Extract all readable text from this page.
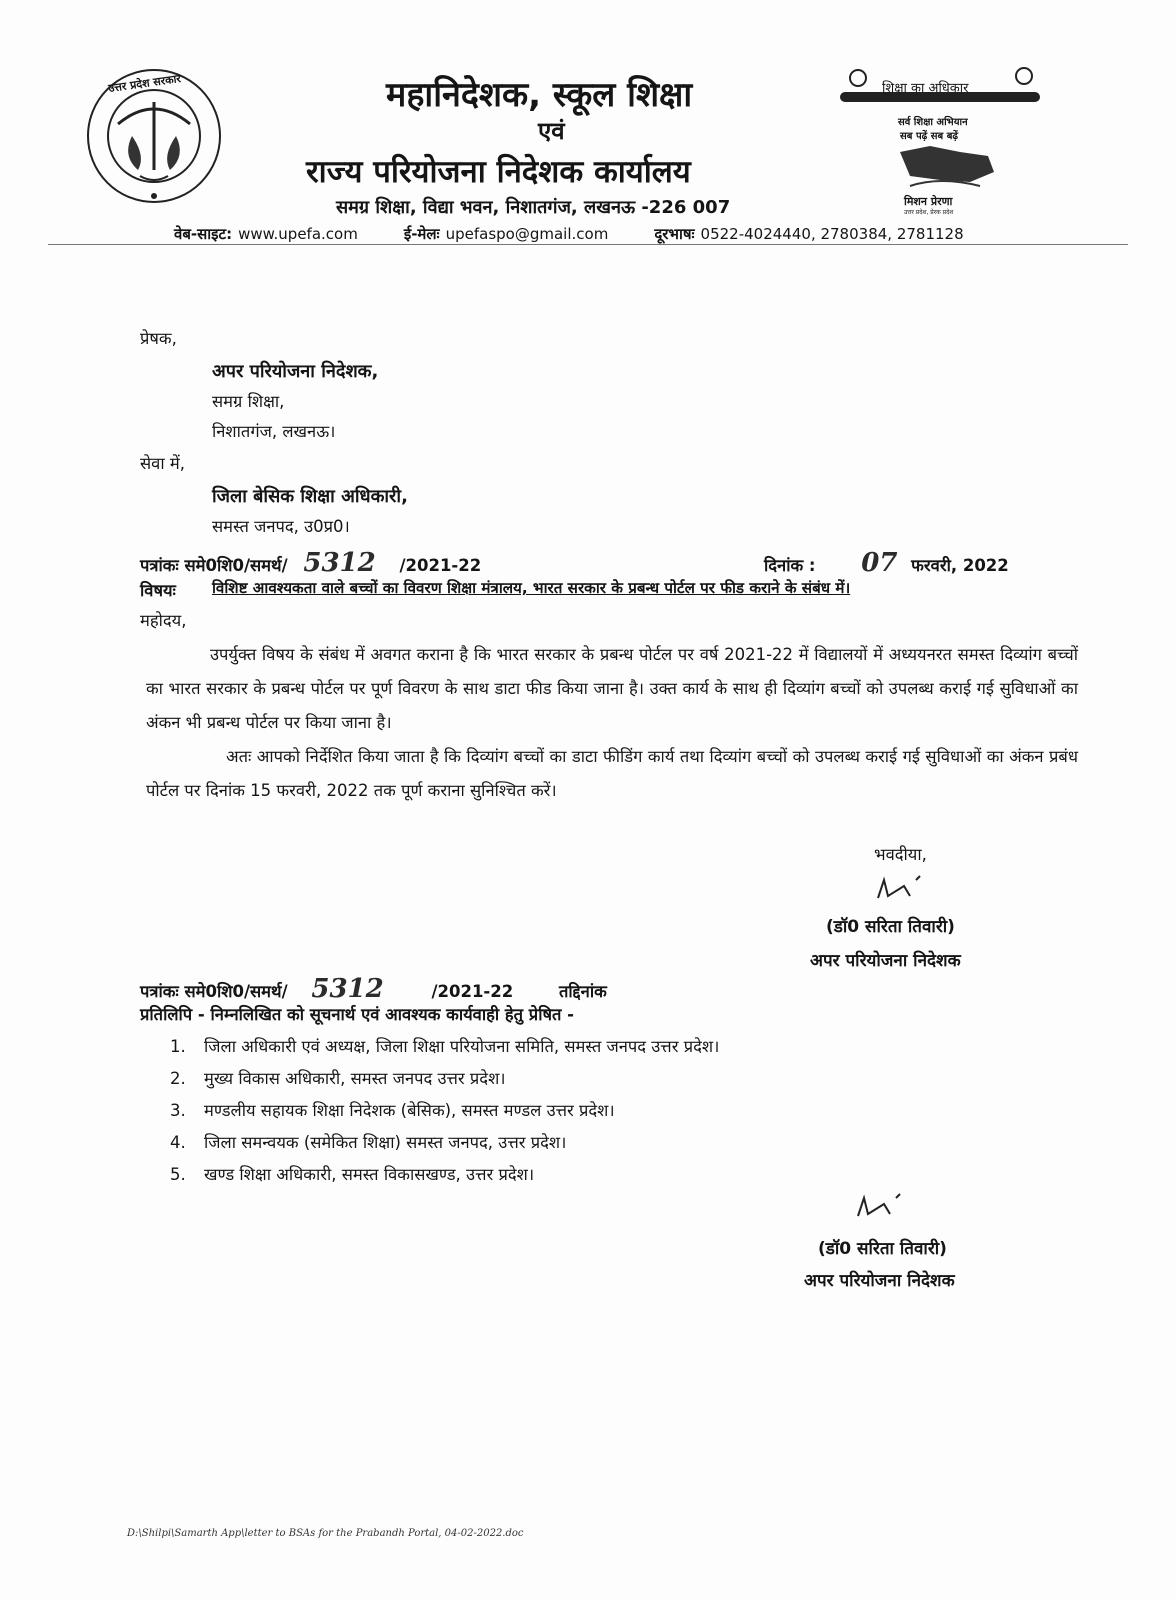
उत्तर प्रदेश सरकार	महानिदेशक, स्कूल शिक्षा
एवं
राज्य परियोजना निदेशक कार्यालय
समग्र शिक्षा, विद्या भवन, निशातगंज, लखनऊ -226 007
शिक्षा का अधिकार
सर्व शिक्षा अभियान
सब पढ़ें सब बढ़ें
मिशन प्रेरणा
उत्तर प्रदेश, प्रेरक प्रदेश
वेब-साइट: www.upefa.com	ई-मेलः upefaspo@gmail.com	दूरभाषः 0522-4024440, 2780384, 2781128
प्रेषक,
अपर परियोजना निदेशक,
समग्र शिक्षा,
निशातगंज, लखनऊ।
सेवा में,
जिला बेसिक शिक्षा अधिकारी,
समस्त जनपद, उ0प्र0।
पत्रांकः समे0शि0/समर्थ/ 5312 /2021-22	दिनांक : 07 फरवरी, 2022
विषयः विशिष्ट आवश्यकता वाले बच्चों का विवरण शिक्षा मंत्रालय, भारत सरकार के प्रबन्ध पोर्टल पर फीड कराने के संबंध में।
महोदय,
उपर्युक्त विषय के संबंध में अवगत कराना है कि भारत सरकार के प्रबन्ध पोर्टल पर वर्ष 2021-22 में विद्यालयों में अध्ययनरत समस्त दिव्यांग बच्चों का भारत सरकार के प्रबन्ध पोर्टल पर पूर्ण विवरण के साथ डाटा फीड किया जाना है। उक्त कार्य के साथ ही दिव्यांग बच्चों को उपलब्ध कराई गई सुविधाओं का अंकन भी प्रबन्ध पोर्टल पर किया जाना है।
अतः आपको निर्देशित किया जाता है कि दिव्यांग बच्चों का डाटा फीडिंग कार्य तथा दिव्यांग बच्चों को उपलब्ध कराई गई सुविधाओं का अंकन प्रबंध पोर्टल पर दिनांक 15 फरवरी, 2022 तक पूर्ण कराना सुनिश्चित करें।
भवदीया,
(डॉ0 सरिता तिवारी)
अपर परियोजना निदेशक
पत्रांकः समे0शि0/समर्थ/ 5312	/2021-22	तद्दिनांक
प्रतिलिपि - निम्नलिखित को सूचनार्थ एवं आवश्यक कार्यवाही हेतु प्रेषित -
1. जिला अधिकारी एवं अध्यक्ष, जिला शिक्षा परियोजना समिति, समस्त जनपद उत्तर प्रदेश।
2. मुख्य विकास अधिकारी, समस्त जनपद उत्तर प्रदेश।
3. मण्डलीय सहायक शिक्षा निदेशक (बेसिक), समस्त मण्डल उत्तर प्रदेश।
4. जिला समन्वयक (समेकित शिक्षा) समस्त जनपद, उत्तर प्रदेश।
5. खण्ड शिक्षा अधिकारी, समस्त विकासखण्ड, उत्तर प्रदेश।
(डॉ0 सरिता तिवारी)
अपर परियोजना निदेशक
D:\Shilpi\Samarth App\letter to BSAs for the Prabandh Portal, 04-02-2022.doc
